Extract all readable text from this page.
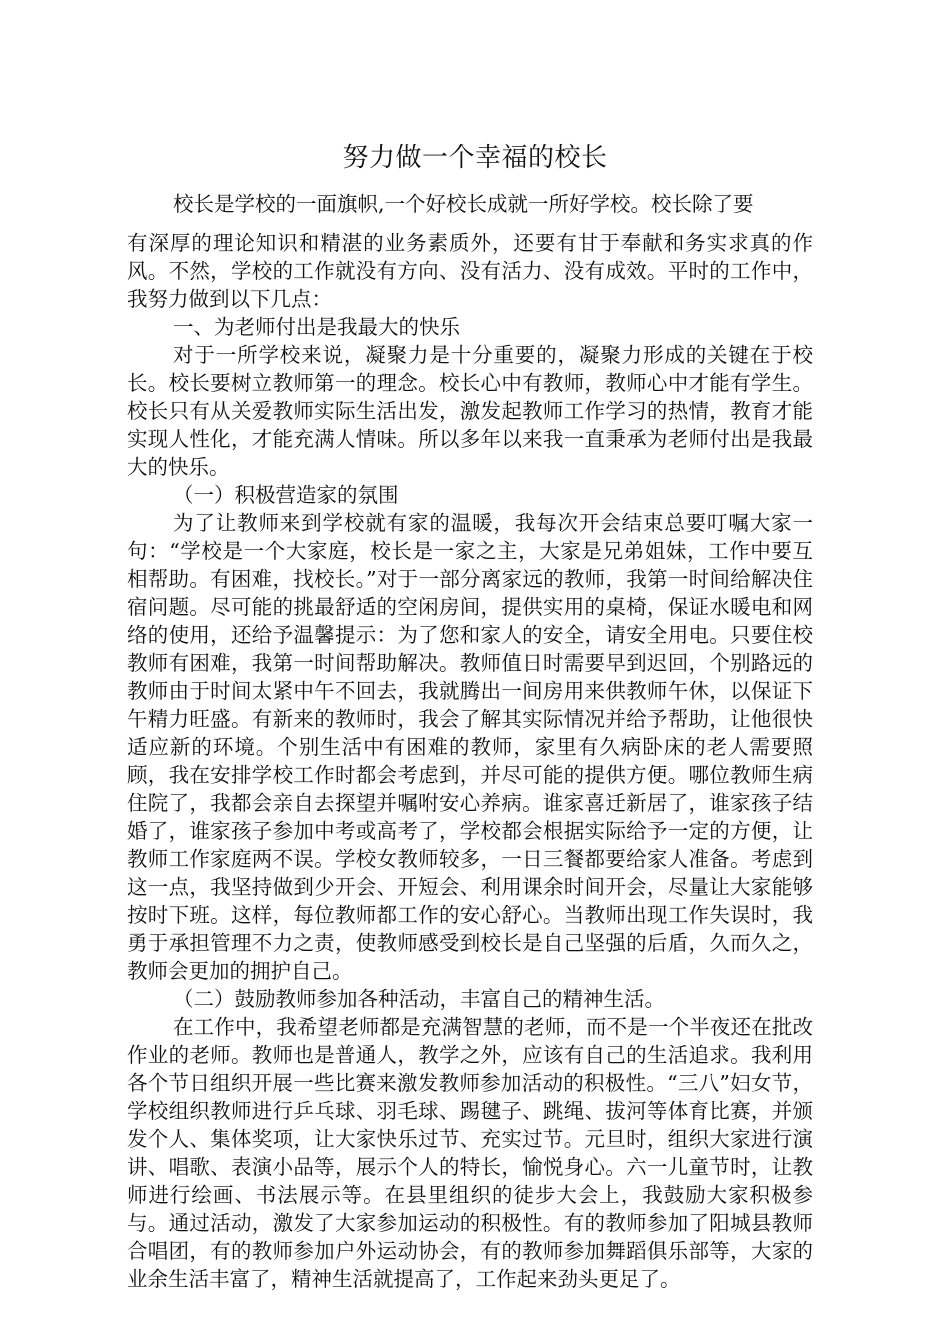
努力做一个幸福的校长

校长是学校的一面旗帜,一个好校长成就一所好学校。校长除了要

有深厚的理论知识和精湛的业务素质外，还要有甘于奉献和务实求真的作风。不然，学校的工作就没有方向、没有活力、没有成效。平时的工作中，我努力做到以下几点：

一、为老师付出是我最大的快乐

对于一所学校来说，凝聚力是十分重要的，凝聚力形成的关键在于校长。校长要树立教师第一的理念。校长心中有教师，教师心中才能有学生。校长只有从关爱教师实际生活出发，激发起教师工作学习的热情，教育才能实现人性化，才能充满人情味。所以多年以来我一直秉承为老师付出是我最大的快乐。

（一）积极营造家的氛围

为了让教师来到学校就有家的温暖，我每次开会结束总要叮嘱大家一句：“学校是一个大家庭，校长是一家之主，大家是兄弟姐妹，工作中要互相帮助。有困难，找校长。”对于一部分离家远的教师，我第一时间给解决住宿问题。尽可能的挑最舒适的空闲房间，提供实用的桌椅，保证水暖电和网络的使用，还给予温馨提示：为了您和家人的安全，请安全用电。只要住校教师有困难，我第一时间帮助解决。教师值日时需要早到迟回，个别路远的教师由于时间太紧中午不回去，我就腾出一间房用来供教师午休，以保证下午精力旺盛。有新来的教师时，我会了解其实际情况并给予帮助，让他很快适应新的环境。个别生活中有困难的教师，家里有久病卧床的老人需要照顾，我在安排学校工作时都会考虑到，并尽可能的提供方便。哪位教师生病住院了，我都会亲自去探望并嘱咐安心养病。谁家喜迁新居了，谁家孩子结婚了，谁家孩子参加中考或高考了，学校都会根据实际给予一定的方便，让教师工作家庭两不误。学校女教师较多，一日三餐都要给家人准备。考虑到这一点，我坚持做到少开会、开短会、利用课余时间开会，尽量让大家能够按时下班。这样，每位教师都工作的安心舒心。当教师出现工作失误时，我勇于承担管理不力之责，使教师感受到校长是自己坚强的后盾，久而久之，教师会更加的拥护自己。

（二）鼓励教师参加各种活动，丰富自己的精神生活。

在工作中，我希望老师都是充满智慧的老师，而不是一个半夜还在批改作业的老师。教师也是普通人，教学之外，应该有自己的生活追求。我利用各个节日组织开展一些比赛来激发教师参加活动的积极性。“三八”妇女节，学校组织教师进行乒乓球、羽毛球、踢毽子、跳绳、拔河等体育比赛，并颁发个人、集体奖项，让大家快乐过节、充实过节。元旦时，组织大家进行演讲、唱歌、表演小品等，展示个人的特长，愉悦身心。六一儿童节时，让教师进行绘画、书法展示等。在县里组织的徒步大会上，我鼓励大家积极参与。通过活动，激发了大家参加运动的积极性。有的教师参加了阳城县教师合唱团，有的教师参加户外运动协会，有的教师参加舞蹈俱乐部等，大家的业余生活丰富了，精神生活就提高了，工作起来劲头更足了。
